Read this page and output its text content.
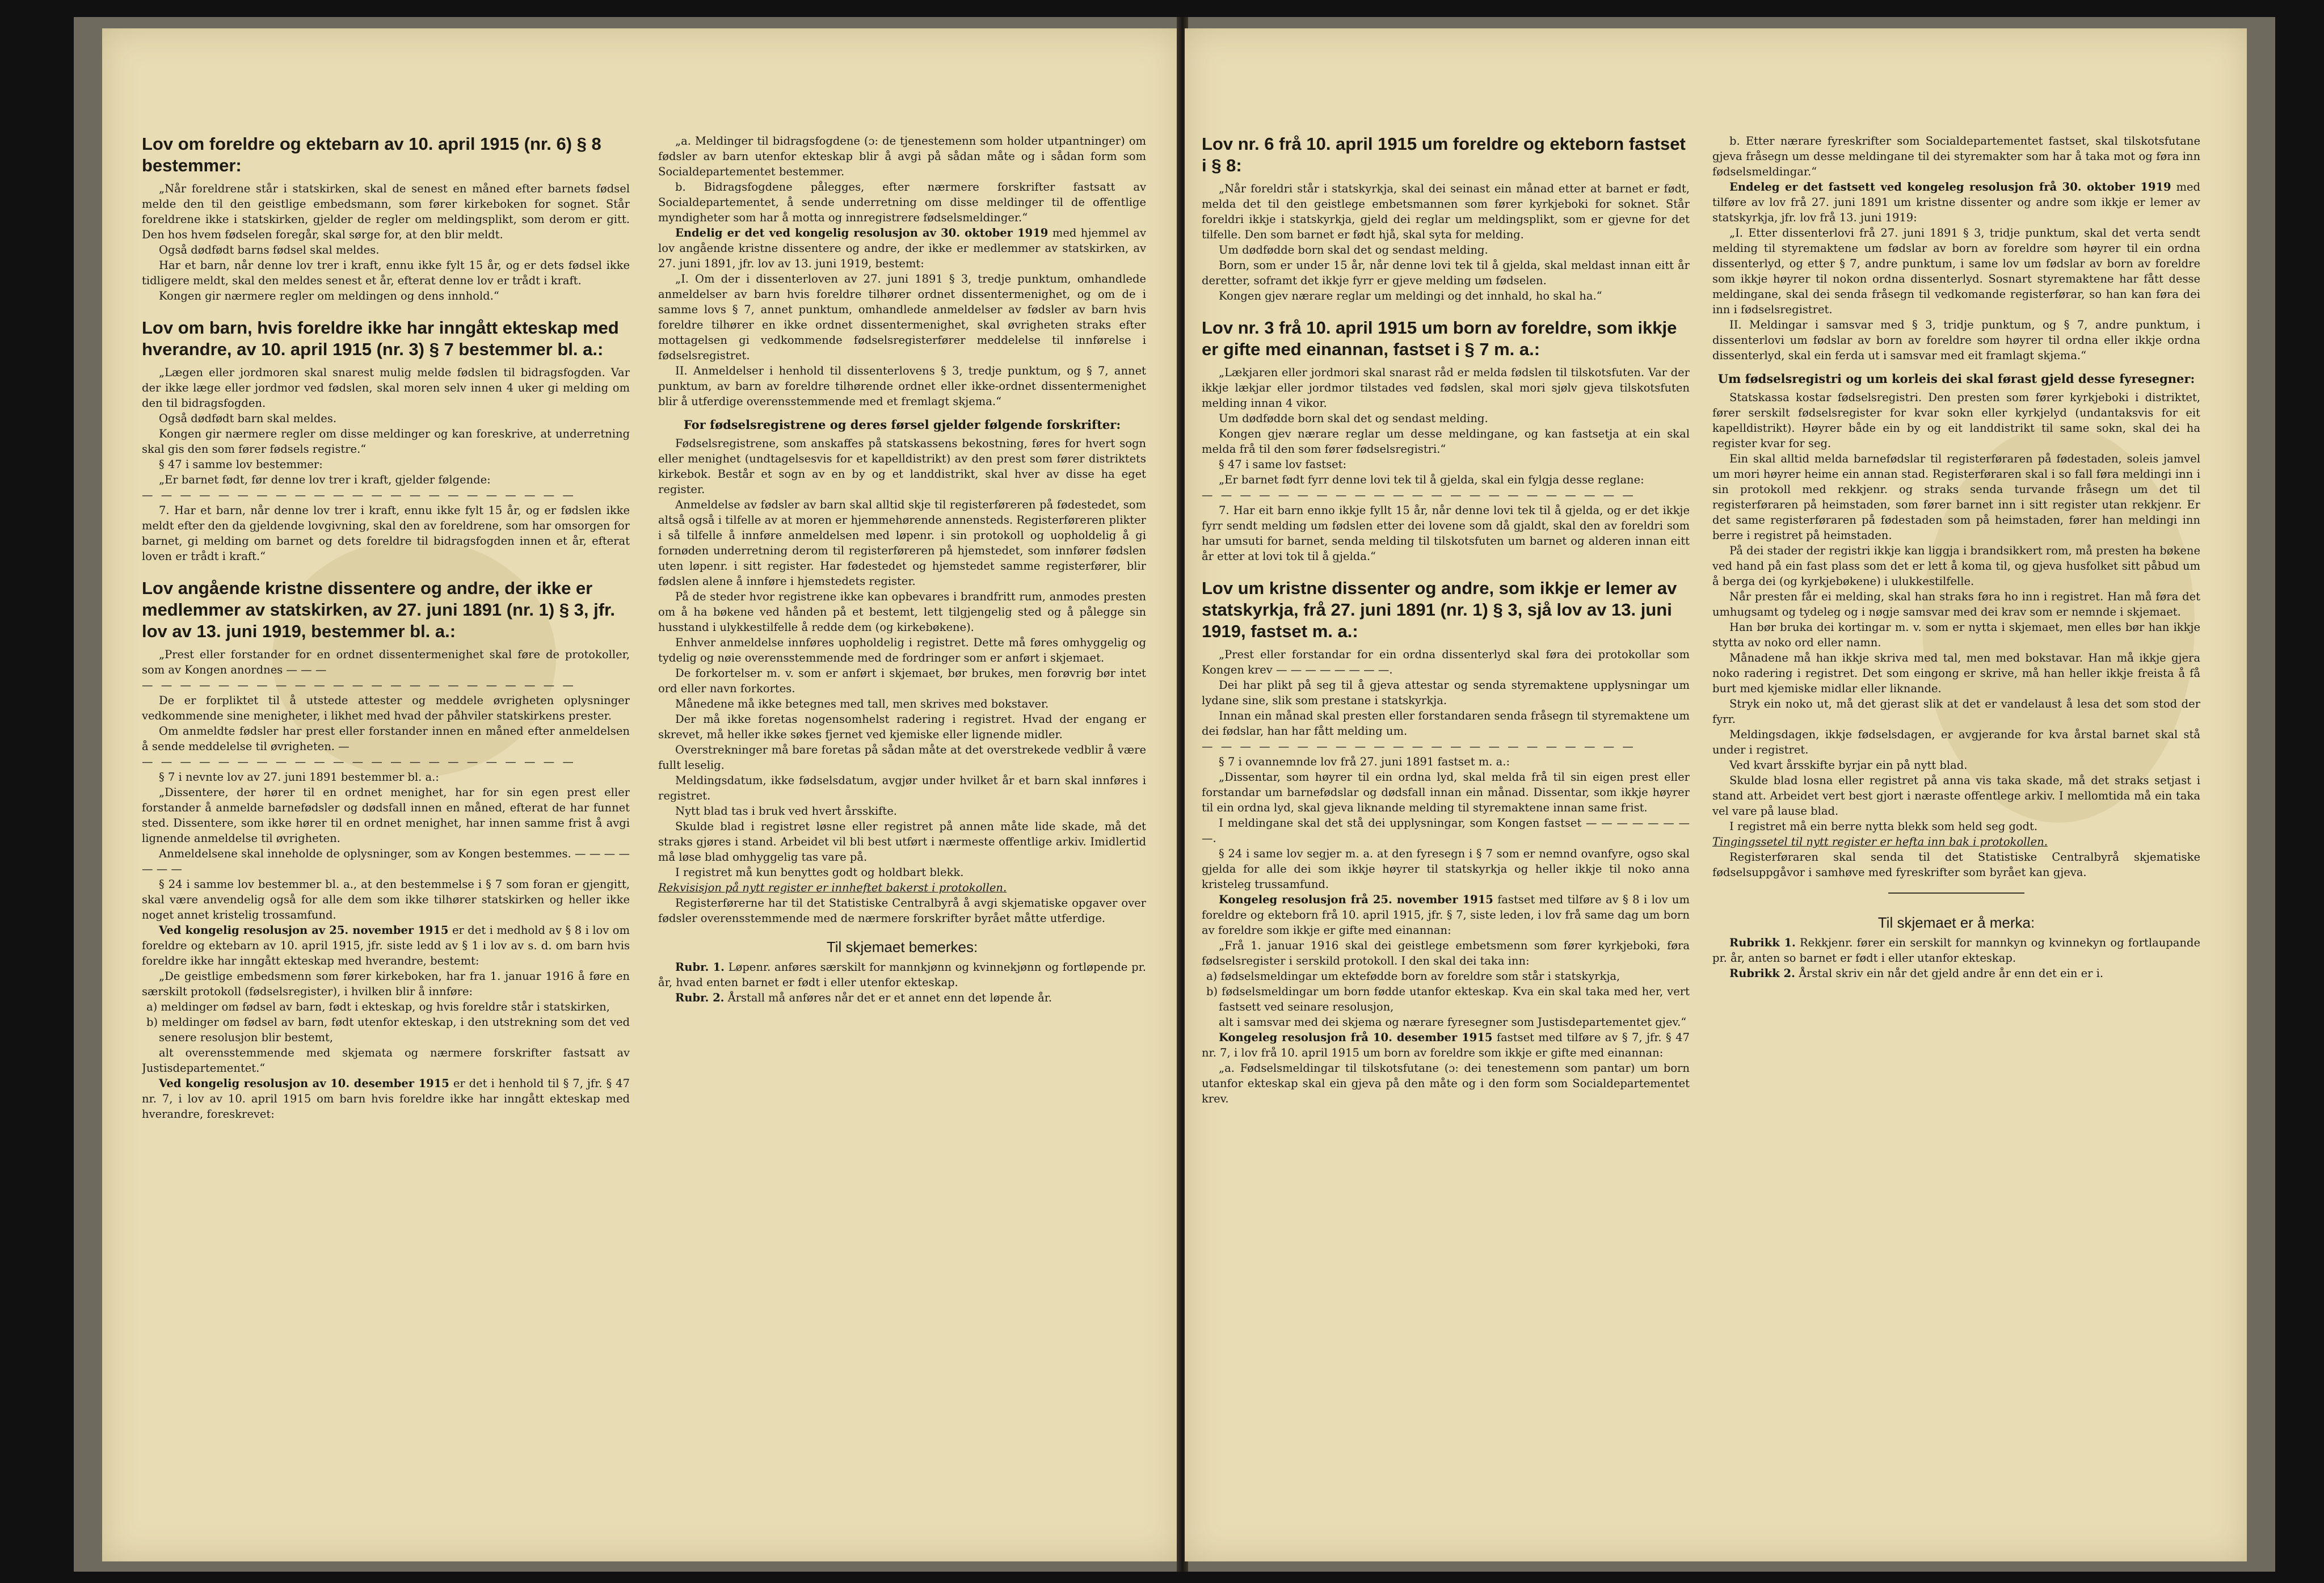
Lov om foreldre og ektebarn av 10. april 1915 (nr. 6) § 8 bestemmer:

„Når foreldrene står i statskirken, skal de senest en måned efter barnets fødsel melde den til den geistlige embedsmann, som fører kirkeboken for sognet. Står foreldrene ikke i statskirken, gjelder de regler om meldingsplikt, som derom er gitt. Den hos hvem fødselen foregår, skal sørge for, at den blir meldt.

Også dødfødt barns fødsel skal meldes.

Har et barn, når denne lov trer i kraft, ennu ikke fylt 15 år, og er dets fødsel ikke tidligere meldt, skal den meldes senest et år, efterat denne lov er trådt i kraft.

Kongen gir nærmere regler om meldingen og dens innhold.“

Lov om barn, hvis foreldre ikke har inngått ekteskap med hverandre, av 10. april 1915 (nr. 3) § 7 bestemmer bl. a.:

„Lægen eller jordmoren skal snarest mulig melde fødslen til bidragsfogden. Var der ikke læge eller jordmor ved fødslen, skal moren selv innen 4 uker gi melding om den til bidragsfogden.

Også dødfødt barn skal meldes.

Kongen gir nærmere regler om disse meldinger og kan foreskrive, at underretning skal gis den som fører fødsels registre.“

§ 47 i samme lov bestemmer:

„Er barnet født, før denne lov trer i kraft, gjelder følgende:

— — — — — — — — — — — — — — — — — — — — — — —

7. Har et barn, når denne lov trer i kraft, ennu ikke fylt 15 år, og er fødslen ikke meldt efter den da gjeldende lovgivning, skal den av foreldrene, som har omsorgen for barnet, gi melding om barnet og dets foreldre til bidragsfogden innen et år, efterat loven er trådt i kraft.“

Lov angående kristne dissentere og andre, der ikke er medlemmer av statskirken, av 27. juni 1891 (nr. 1) § 3, jfr. lov av 13. juni 1919, bestemmer bl. a.:

„Prest eller forstander for en ordnet dissentermenighet skal føre de protokoller, som av Kongen anordnes — — —

— — — — — — — — — — — — — — — — — — — — — — —

De er forpliktet til å utstede attester og meddele øvrigheten oplysninger vedkommende sine menigheter, i likhet med hvad der påhviler statskirkens prester.

Om anmeldte fødsler har prest eller forstander innen en måned efter anmeldelsen å sende meddelelse til øvrigheten. —

— — — — — — — — — — — — — — — — — — — — — — —

§ 7 i nevnte lov av 27. juni 1891 bestemmer bl. a.:

„Dissentere, der hører til en ordnet menighet, har for sin egen prest eller forstander å anmelde barnefødsler og dødsfall innen en måned, efterat de har funnet sted. Dissentere, som ikke hører til en ordnet menighet, har innen samme frist å avgi lignende anmeldelse til øvrigheten.

Anmeldelsene skal inneholde de oplysninger, som av Kongen bestemmes. — — — — — — —

§ 24 i samme lov bestemmer bl. a., at den bestemmelse i § 7 som foran er gjengitt, skal være anvendelig også for alle dem som ikke tilhører statskirken og heller ikke noget annet kristelig trossamfund.

Ved kongelig resolusjon av 25. november 1915 er det i medhold av § 8 i lov om foreldre og ektebarn av 10. april 1915, jfr. siste ledd av § 1 i lov av s. d. om barn hvis foreldre ikke har inngått ekteskap med hverandre, bestemt:

„De geistlige embedsmenn som fører kirkeboken, har fra 1. januar 1916 å føre en særskilt protokoll (fødselsregister), i hvilken blir å innføre:

a) meldinger om fødsel av barn, født i ekteskap, og hvis foreldre står i statskirken,

b) meldinger om fødsel av barn, født utenfor ekteskap, i den utstrekning som det ved senere resolusjon blir bestemt,

alt overensstemmende med skjemata og nærmere forskrifter fastsatt av Justisdepartementet.“

Ved kongelig resolusjon av 10. desember 1915 er det i henhold til § 7, jfr. § 47 nr. 7, i lov av 10. april 1915 om barn hvis foreldre ikke har inngått ekteskap med hverandre, foreskrevet:

„a. Meldinger til bidragsfogdene (ɔ: de tjenestemenn som holder utpantninger) om fødsler av barn utenfor ekteskap blir å avgi på sådan måte og i sådan form som Socialdepartementet bestemmer.

b. Bidragsfogdene pålegges, efter nærmere forskrifter fastsatt av Socialdepartementet, å sende underretning om disse meldinger til de offentlige myndigheter som har å motta og innregistrere fødselsmeldinger.“

Endelig er det ved kongelig resolusjon av 30. oktober 1919 med hjemmel av lov angående kristne dissentere og andre, der ikke er medlemmer av statskirken, av 27. juni 1891, jfr. lov av 13. juni 1919, bestemt:

„I. Om der i dissenterloven av 27. juni 1891 § 3, tredje punktum, omhandlede anmeldelser av barn hvis foreldre tilhører ordnet dissentermenighet, og om de i samme lovs § 7, annet punktum, omhandlede anmeldelser av fødsler av barn hvis foreldre tilhører en ikke ordnet dissentermenighet, skal øvrigheten straks efter mottagelsen gi vedkommende fødselsregisterfører meddelelse til innførelse i fødselsregistret.

II. Anmeldelser i henhold til dissenterlovens § 3, tredje punktum, og § 7, annet punktum, av barn av foreldre tilhørende ordnet eller ikke-ordnet dissentermenighet blir å utferdige overensstemmende med et fremlagt skjema.“

For fødselsregistrene og deres førsel gjelder følgende forskrifter:

Fødselsregistrene, som anskaffes på statskassens bekostning, føres for hvert sogn eller menighet (undtagelsesvis for et kapelldistrikt) av den prest som fører distriktets kirkebok. Består et sogn av en by og et landdistrikt, skal hver av disse ha eget register.

Anmeldelse av fødsler av barn skal alltid skje til registerføreren på fødestedet, som altså også i tilfelle av at moren er hjemmehørende annensteds. Registerføreren plikter i så tilfelle å innføre anmeldelsen med løpenr. i sin protokoll og uopholdelig å gi fornøden underretning derom til registerføreren på hjemstedet, som innfører fødslen uten løpenr. i sitt register. Har fødestedet og hjemstedet samme registerfører, blir fødslen alene å innføre i hjemstedets register.

På de steder hvor registrene ikke kan opbevares i brandfritt rum, anmodes presten om å ha bøkene ved hånden på et bestemt, lett tilgjengelig sted og å pålegge sin husstand i ulykkestilfelle å redde dem (og kirkebøkene).

Enhver anmeldelse innføres uopholdelig i registret. Dette må føres omhyggelig og tydelig og nøie overensstemmende med de fordringer som er anført i skjemaet.

De forkortelser m. v. som er anført i skjemaet, bør brukes, men forøvrig bør intet ord eller navn forkortes.

Månedene må ikke betegnes med tall, men skrives med bokstaver.

Der må ikke foretas nogensomhelst radering i registret. Hvad der engang er skrevet, må heller ikke søkes fjernet ved kjemiske eller lignende midler.

Overstrekninger må bare foretas på sådan måte at det overstrekede vedblir å være fullt leselig.

Meldingsdatum, ikke fødselsdatum, avgjør under hvilket år et barn skal innføres i registret.

Nytt blad tas i bruk ved hvert årsskifte.

Skulde blad i registret løsne eller registret på annen måte lide skade, må det straks gjøres i stand. Arbeidet vil bli best utført i nærmeste offentlige arkiv. Imidlertid må løse blad omhyggelig tas vare på.

I registret må kun benyttes godt og holdbart blekk.

Rekvisisjon på nytt register er innheftet bakerst i protokollen.

Registerførerne har til det Statistiske Centralbyrå å avgi skjematiske opgaver over fødsler overensstemmende med de nærmere forskrifter byrået måtte utferdige.

Til skjemaet bemerkes:

Rubr. 1. Løpenr. anføres særskilt for mannkjønn og kvinnekjønn og fortløpende pr. år, hvad enten barnet er født i eller utenfor ekteskap.

Rubr. 2. Årstall må anføres når det er et annet enn det løpende år.

Lov nr. 6 frå 10. april 1915 um foreldre og ekteborn fastset i § 8:

„Når foreldri står i statskyrkja, skal dei seinast ein månad etter at barnet er født, melda det til den geistlege embetsmannen som fører kyrkjeboki for soknet. Står foreldri ikkje i statskyrkja, gjeld dei reglar um meldingsplikt, som er gjevne for det tilfelle. Den som barnet er født hjå, skal syta for melding.

Um dødfødde born skal det og sendast melding.

Born, som er under 15 år, når denne lovi tek til å gjelda, skal meldast innan eitt år deretter, soframt det ikkje fyrr er gjeve melding um fødselen.

Kongen gjev nærare reglar um meldingi og det innhald, ho skal ha.“

Lov nr. 3 frå 10. april 1915 um born av foreldre, som ikkje er gifte med einannan, fastset i § 7 m. a.:

„Lækjaren eller jordmori skal snarast råd er melda fødslen til tilskotsfuten. Var der ikkje lækjar eller jordmor tilstades ved fødslen, skal mori sjølv gjeva tilskotsfuten melding innan 4 vikor.

Um dødfødde born skal det og sendast melding.

Kongen gjev nærare reglar um desse meldingane, og kan fastsetja at ein skal melda frå til den som fører fødselsregistri.“

§ 47 i same lov fastset:

„Er barnet født fyrr denne lovi tek til å gjelda, skal ein fylgja desse reglane:

— — — — — — — — — — — — — — — — — — — — — — —

7. Har eit barn enno ikkje fyllt 15 år, når denne lovi tek til å gjelda, og er det ikkje fyrr sendt melding um fødslen etter dei lovene som då gjaldt, skal den av foreldri som har umsuti for barnet, senda melding til tilskotsfuten um barnet og alderen innan eitt år etter at lovi tok til å gjelda.“

Lov um kristne dissenter og andre, som ikkje er lemer av statskyrkja, frå 27. juni 1891 (nr. 1) § 3, sjå lov av 13. juni 1919, fastset m. a.:

„Prest eller forstandar for ein ordna dissenterlyd skal føra dei protokollar som Kongen krev — — — — — — — —.

Dei har plikt på seg til å gjeva attestar og senda styremaktene upplysningar um lydane sine, slik som prestane i statskyrkja.

Innan ein månad skal presten eller forstandaren senda fråsegn til styremaktene um dei fødslar, han har fått melding um.

— — — — — — — — — — — — — — — — — — — — — — —

§ 7 i ovannemnde lov frå 27. juni 1891 fastset m. a.:

„Dissentar, som høyrer til ein ordna lyd, skal melda frå til sin eigen prest eller forstandar um barnefødslar og dødsfall innan ein månad. Dissentar, som ikkje høyrer til ein ordna lyd, skal gjeva liknande melding til styremaktene innan same frist.

I meldingane skal det stå dei upplysningar, som Kongen fastset — — — — — — — —.

§ 24 i same lov segjer m. a. at den fyresegn i § 7 som er nemnd ovanfyre, ogso skal gjelda for alle dei som ikkje høyrer til statskyrkja og heller ikkje til noko anna kristeleg trussamfund.

Kongeleg resolusjon frå 25. november 1915 fastset med tilføre av § 8 i lov um foreldre og ekteborn frå 10. april 1915, jfr. § 7, siste leden, i lov frå same dag um born av foreldre som ikkje er gifte med einannan:

„Frå 1. januar 1916 skal dei geistlege embetsmenn som fører kyrkjeboki, føra fødselsregister i serskild protokoll. I den skal dei taka inn:

a) fødselsmeldingar um ektefødde born av foreldre som står i statskyrkja,

b) fødselsmeldingar um born fødde utanfor ekteskap. Kva ein skal taka med her, vert fastsett ved seinare resolusjon,

alt i samsvar med dei skjema og nærare fyresegner som Justisdepartementet gjev.“

Kongeleg resolusjon frå 10. desember 1915 fastset med tilføre av § 7, jfr. § 47 nr. 7, i lov frå 10. april 1915 um born av foreldre som ikkje er gifte med einannan:

„a. Fødselsmeldingar til tilskotsfutane (ɔ: dei tenestemenn som pantar) um born utanfor ekteskap skal ein gjeva på den måte og i den form som Socialdepartementet krev.

b. Etter nærare fyreskrifter som Socialdepartementet fastset, skal tilskotsfutane gjeva fråsegn um desse meldingane til dei styremakter som har å taka mot og føra inn fødselsmeldingar.“

Endeleg er det fastsett ved kongeleg resolusjon frå 30. oktober 1919 med tilføre av lov frå 27. juni 1891 um kristne dissenter og andre som ikkje er lemer av statskyrkja, jfr. lov frå 13. juni 1919:

„I. Etter dissenterlovi frå 27. juni 1891 § 3, tridje punktum, skal det verta sendt melding til styremaktene um fødslar av born av foreldre som høyrer til ein ordna dissenterlyd, og etter § 7, andre punktum, i same lov um fødslar av born av foreldre som ikkje høyrer til nokon ordna dissenterlyd. Sosnart styremaktene har fått desse meldingane, skal dei senda fråsegn til vedkomande registerførar, so han kan føra dei inn i fødselsregistret.

II. Meldingar i samsvar med § 3, tridje punktum, og § 7, andre punktum, i dissenterlovi um fødslar av born av foreldre som høyrer til ordna eller ikkje ordna dissenterlyd, skal ein ferda ut i samsvar med eit framlagt skjema.“

Um fødselsregistri og um korleis dei skal førast gjeld desse fyresegner:

Statskassa kostar fødselsregistri. Den presten som fører kyrkjeboki i distriktet, fører serskilt fødselsregister for kvar sokn eller kyrkjelyd (undantaksvis for eit kapelldistrikt). Høyrer både ein by og eit landdistrikt til same sokn, skal dei ha register kvar for seg.

Ein skal alltid melda barnefødslar til registerføraren på fødestaden, soleis jamvel um mori høyrer heime ein annan stad. Registerføraren skal i so fall føra meldingi inn i sin protokoll med rekkjenr. og straks senda turvande fråsegn um det til registerføraren på heimstaden, som fører barnet inn i sitt register utan rekkjenr. Er det same registerføraren på fødestaden som på heimstaden, fører han meldingi inn berre i registret på heimstaden.

På dei stader der registri ikkje kan liggja i brandsikkert rom, må presten ha bøkene ved hand på ein fast plass som det er lett å koma til, og gjeva husfolket sitt påbud um å berga dei (og kyrkjebøkene) i ulukkestilfelle.

Når presten får ei melding, skal han straks føra ho inn i registret. Han må føra det umhugsamt og tydeleg og i nøgje samsvar med dei krav som er nemnde i skjemaet.

Han bør bruka dei kortingar m. v. som er nytta i skjemaet, men elles bør han ikkje stytta av noko ord eller namn.

Månadene må han ikkje skriva med tal, men med bokstavar. Han må ikkje gjera noko radering i registret. Det som eingong er skrive, må han heller ikkje freista å få burt med kjemiske midlar eller liknande.

Stryk ein noko ut, må det gjerast slik at det er vandelaust å lesa det som stod der fyrr.

Meldingsdagen, ikkje fødselsdagen, er avgjerande for kva årstal barnet skal stå under i registret.

Ved kvart årsskifte byrjar ein på nytt blad.

Skulde blad losna eller registret på anna vis taka skade, må det straks setjast i stand att. Arbeidet vert best gjort i næraste offentlege arkiv. I mellomtida må ein taka vel vare på lause blad.

I registret må ein berre nytta blekk som held seg godt.

Tingingssetel til nytt register er hefta inn bak i protokollen.

Registerføraren skal senda til det Statistiske Centralbyrå skjematiske fødselsuppgåvor i samhøve med fyreskrifter som byrået kan gjeva.

Til skjemaet er å merka:

Rubrikk 1. Rekkjenr. fører ein serskilt for mannkyn og kvinnekyn og fortlaupande pr. år, anten so barnet er født i eller utanfor ekteskap.

Rubrikk 2. Årstal skriv ein når det gjeld andre år enn det ein er i.
